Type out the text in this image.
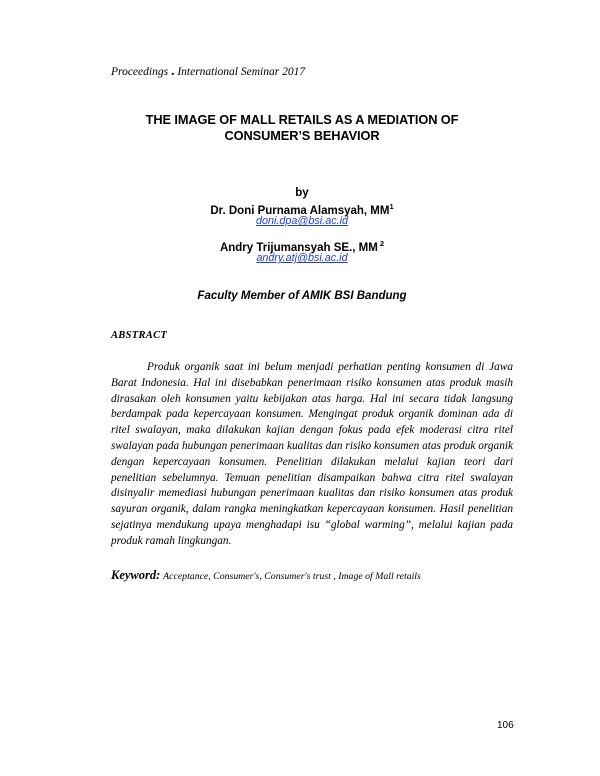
Proceedings . International Seminar 2017
THE IMAGE OF MALL RETAILS AS A MEDIATION OF
CONSUMER’S BEHAVIOR
by
Dr. Doni Purnama Alamsyah, $MM^1$
doni.dpa@bsi.ac.id
Andry Trijumansyah SE., MM $^2$
andry.atj@bsi.ac.id
Faculty Member of AMIK BSI Bandung
ABSTRACT
Produk organik saat ini belum menjadi perhatian penting konsumen di Jawa Barat Indonesia. Hal ini disebabkan penerimaan risiko konsumen atas produk masih dirasakan oleh konsumen yaitu kebijakan atas harga. Hal ini secara tidak langsung berdampak pada kepercayaan konsumen. Mengingat produk organik dominan ada di ritel swalayan, maka dilakukan kajian dengan fokus pada efek moderasi citra ritel swalayan pada hubungan penerimaan kualitas dan risiko konsumen atas produk organik dengan kepercayaan konsumen. Penelitian dilakukan melalui kajian teori dari penelitian sebelumnya. Temuan penelitian disampaikan bahwa citra ritel swalayan disinyalir memediasi hubungan penerimaan kualitas dan risiko konsumen atas produk sayuran organik, dalam rangka meningkatkan kepercayaan konsumen. Hasil penelitian sejatinya mendukung upaya menghadapi isu “global warming”, melalui kajian pada produk ramah lingkungan.
Keyword: Acceptance, Consumer's, Consumer's trust , Image of Mall retails
106
